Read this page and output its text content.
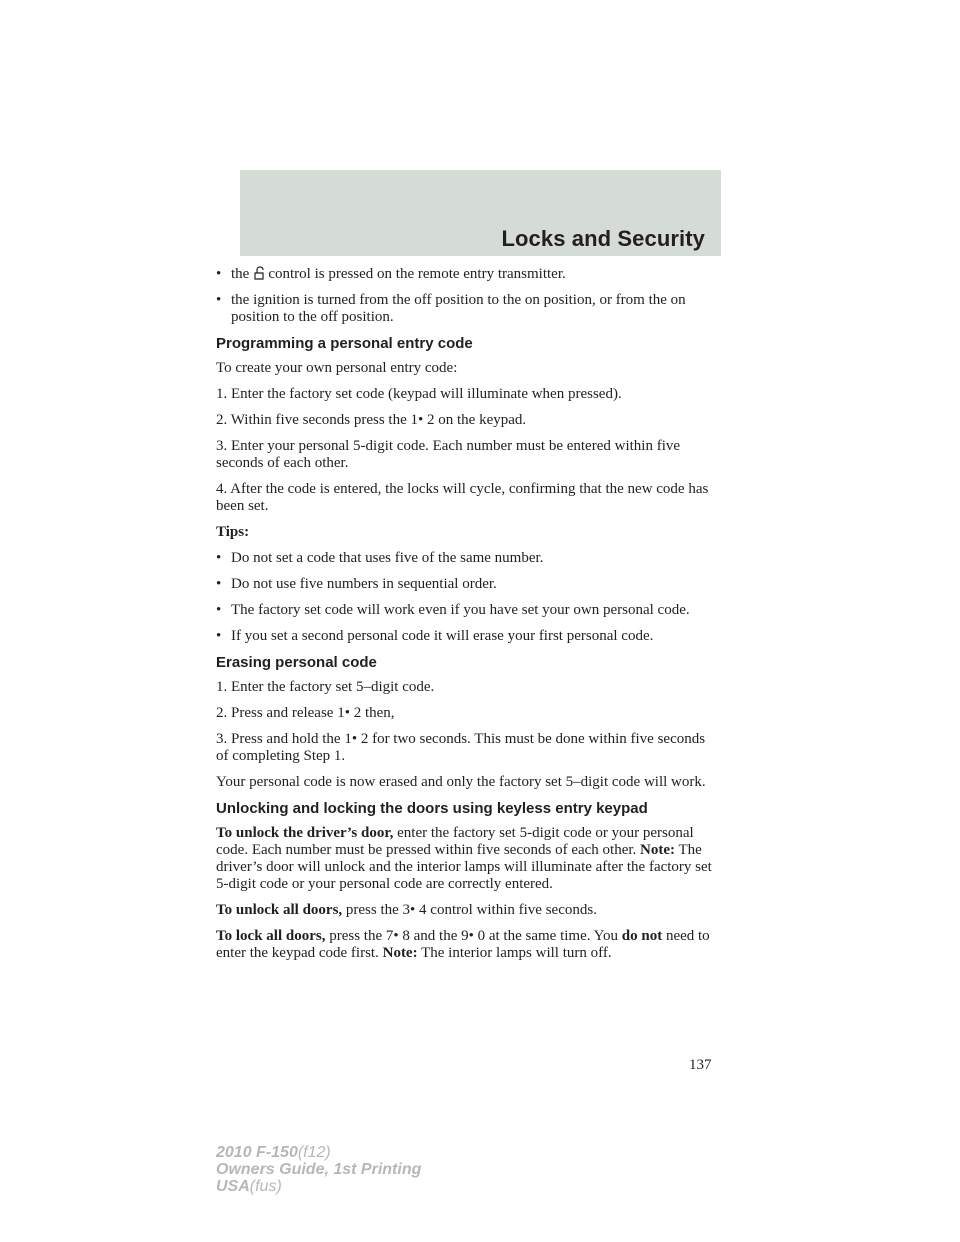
Locks and Security
• the control is pressed on the remote entry transmitter.
• the ignition is turned from the off position to the on position, or from the on position to the off position.
Programming a personal entry code
To create your own personal entry code:
1. Enter the factory set code (keypad will illuminate when pressed).
2. Within five seconds press the 1• 2 on the keypad.
3. Enter your personal 5-digit code. Each number must be entered within five seconds of each other.
4. After the code is entered, the locks will cycle, confirming that the new code has been set.
Tips:
• Do not set a code that uses five of the same number.
• Do not use five numbers in sequential order.
• The factory set code will work even if you have set your own personal code.
• If you set a second personal code it will erase your first personal code.
Erasing personal code
1. Enter the factory set 5–digit code.
2. Press and release 1• 2 then,
3. Press and hold the 1• 2 for two seconds. This must be done within five seconds of completing Step 1.
Your personal code is now erased and only the factory set 5–digit code will work.
Unlocking and locking the doors using keyless entry keypad
To unlock the driver’s door, enter the factory set 5-digit code or your personal code. Each number must be pressed within five seconds of each other. Note: The driver’s door will unlock and the interior lamps will illuminate after the factory set 5-digit code or your personal code are correctly entered.
To unlock all doors, press the 3• 4 control within five seconds.
To lock all doors, press the 7• 8 and the 9• 0 at the same time. You do not need to enter the keypad code first. Note: The interior lamps will turn off.
137
2010 F-150(f12)
Owners Guide, 1st Printing
USA(fus)
